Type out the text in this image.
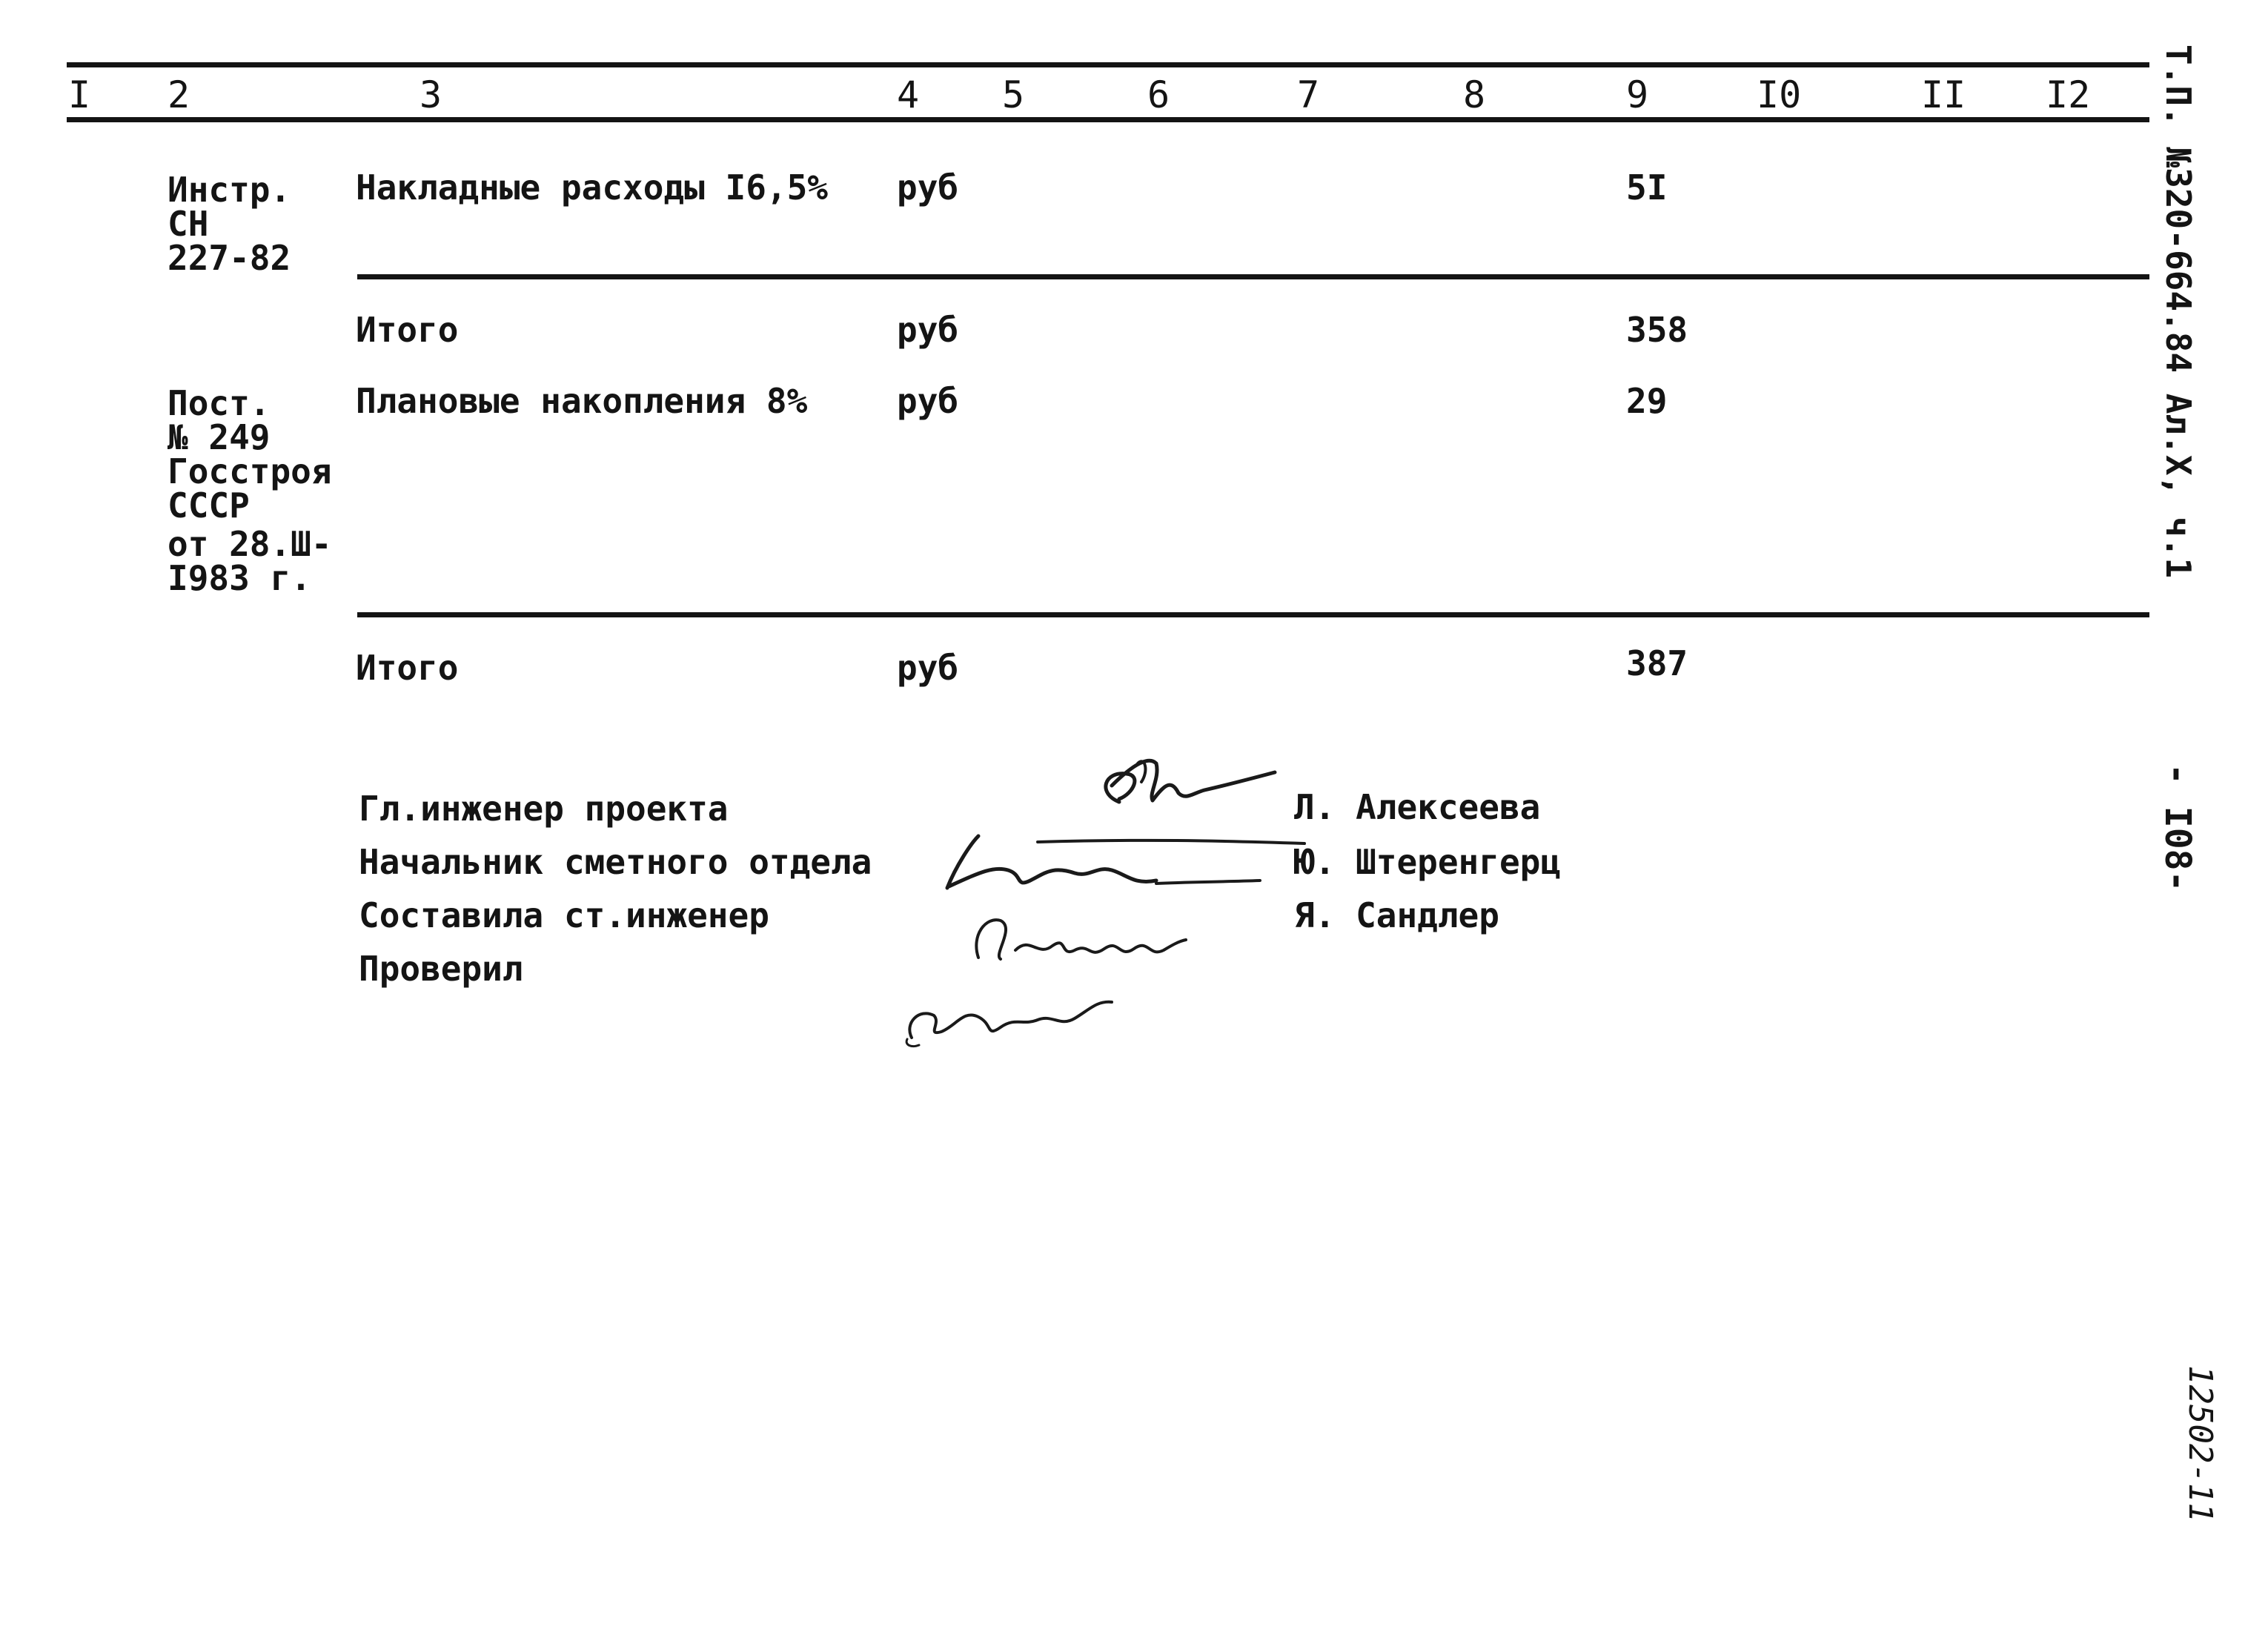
I 2	3	4 5	6	7	8	9	I0	II I2
Инстр.
СН
227-82
Накладные расходы I6,5% руб	5I
Итого	руб	358
Пост.
№ 249
Госстроя
СССР
от 28.Ш-
I983 г.
Плановые накопления 8%	руб	29
Итого	руб	387
Гл.инженер проекта
Начальник сметного отдела
Составила ст.инженер
Проверил
Л. Алексеева
Ю. Штеренгерц
Я. Сандлер
Т.П. №320-664.84 Ал.Х, ч.1
- I08-
12502-11
